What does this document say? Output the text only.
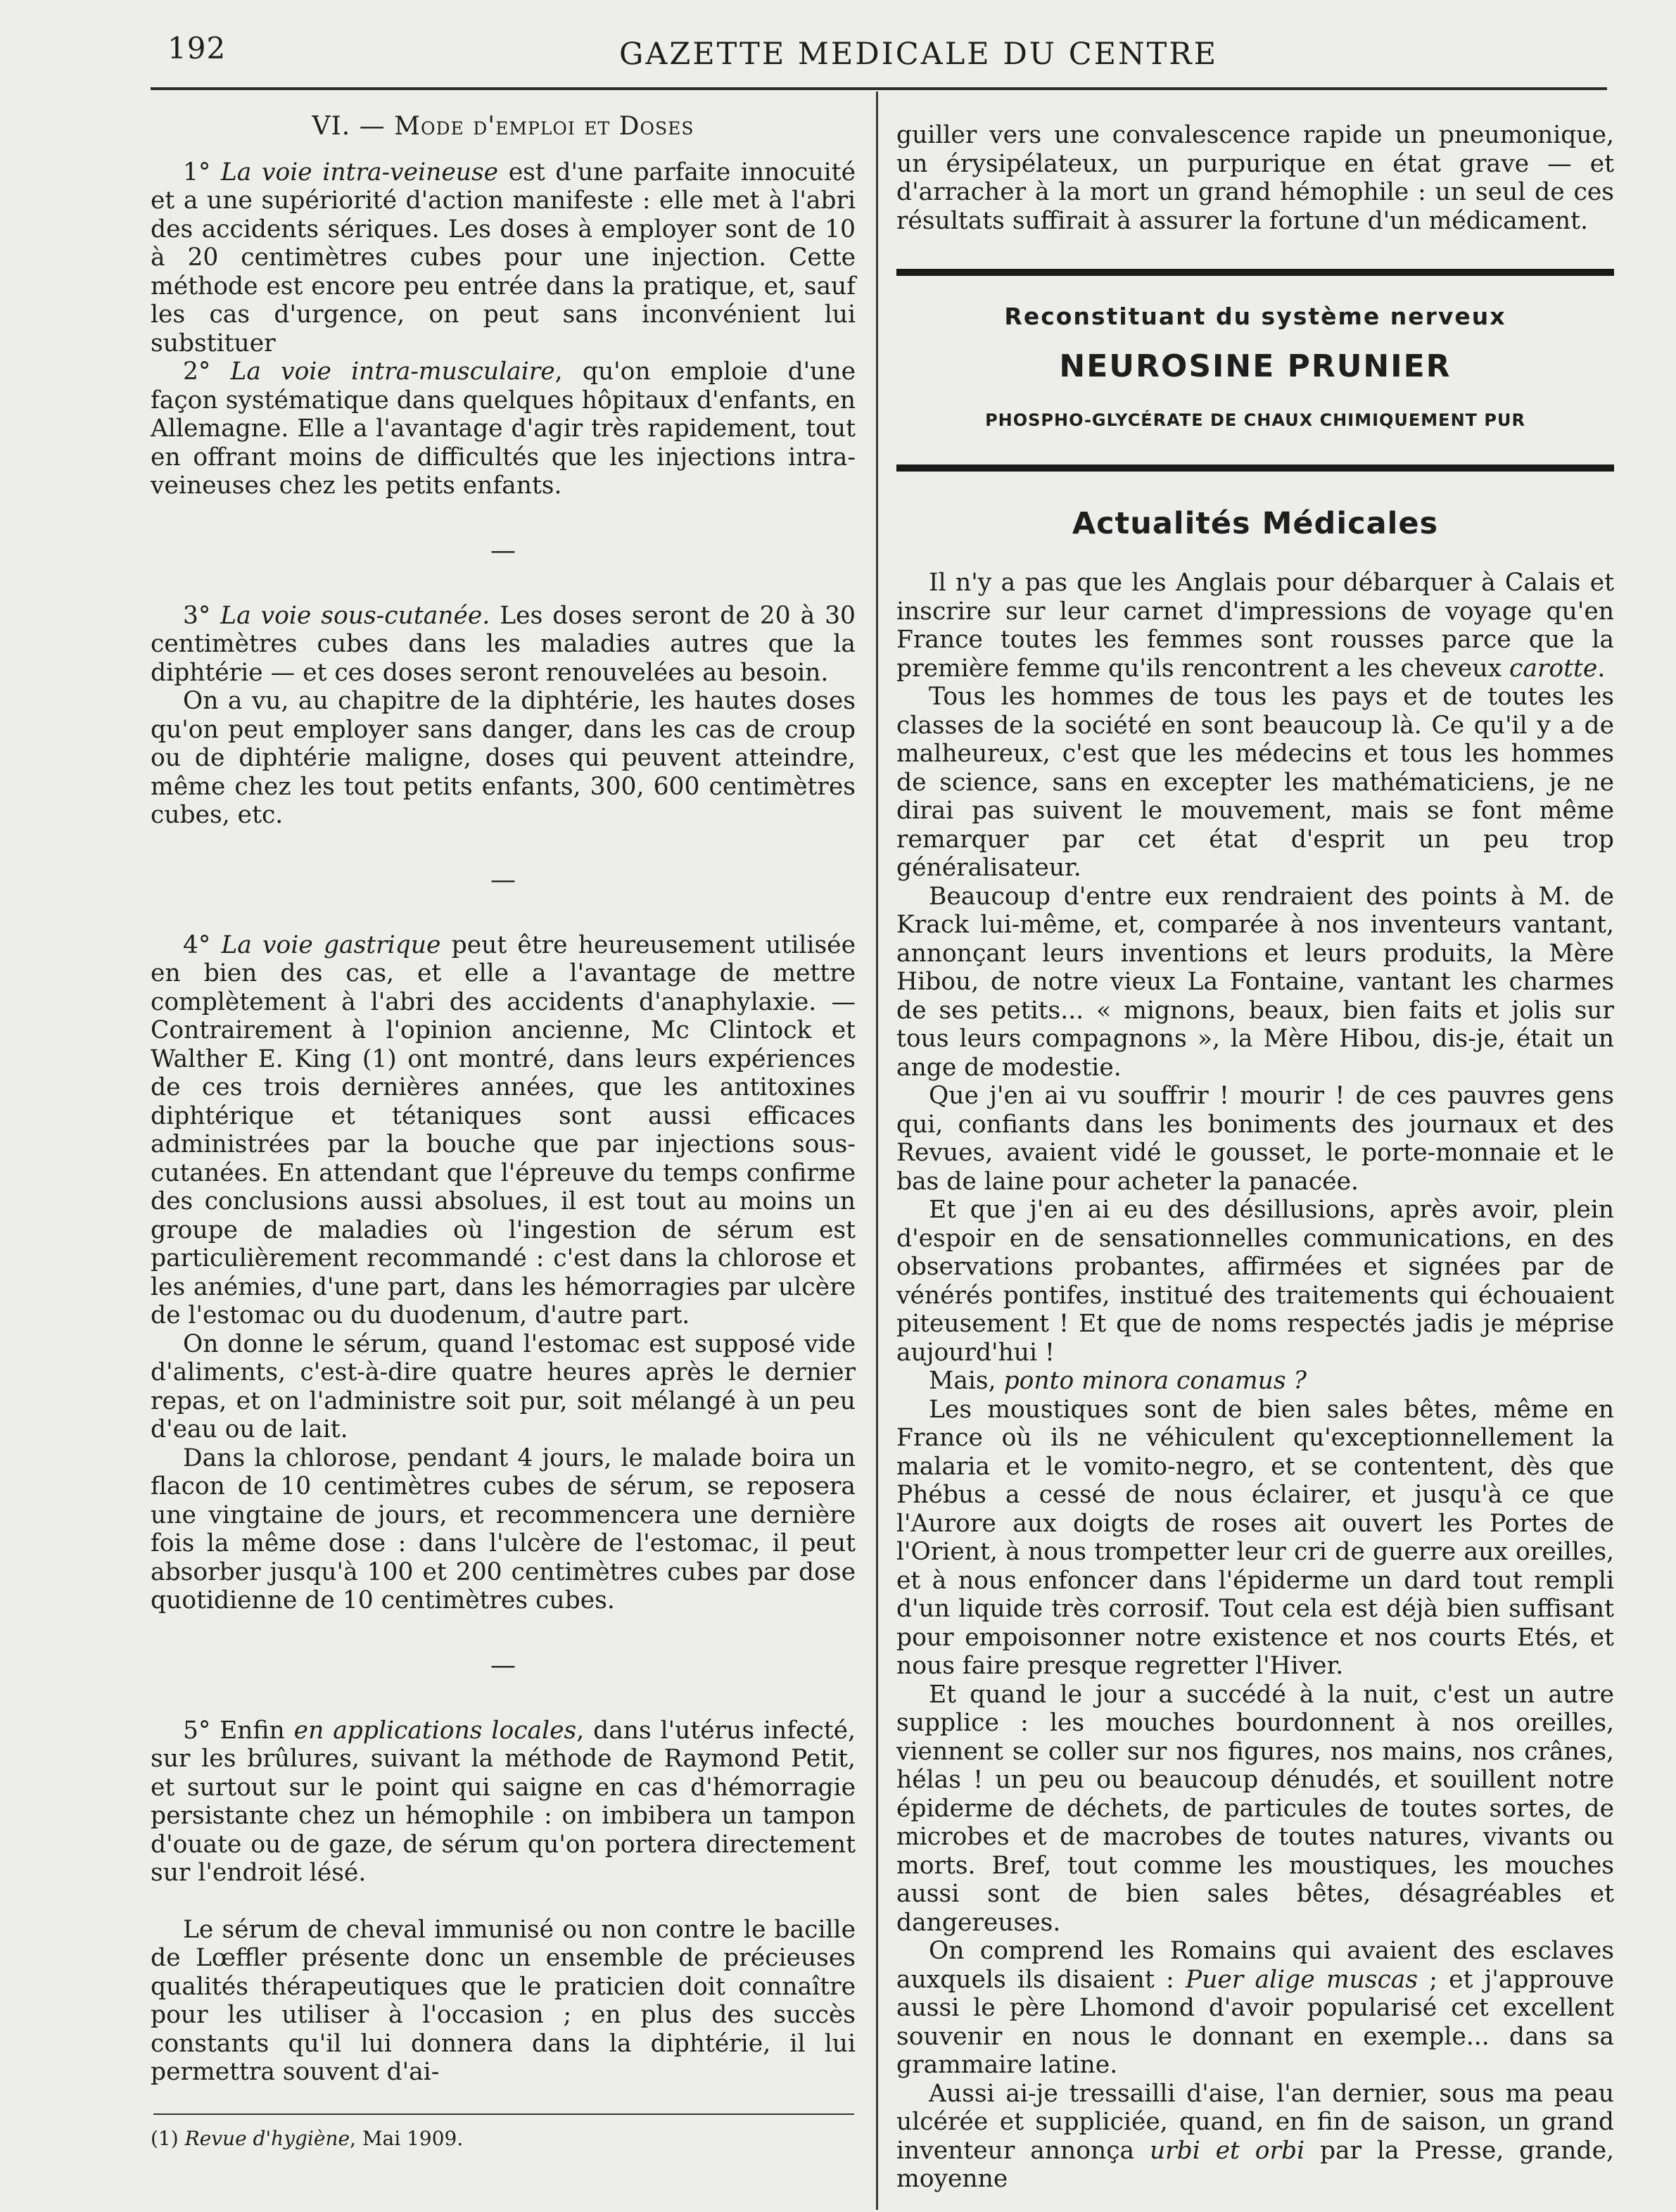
192	GAZETTE MEDICALE DU CENTRE
VI. — Mode d'emploi et Doses

1° La voie intra-veineuse est d'une parfaite innocuité et a une supériorité d'action manifeste : elle met à l'abri des accidents sériques. Les doses à employer sont de 10 à 20 centimètres cubes pour une injection. Cette méthode est encore peu entrée dans la pratique, et, sauf les cas d'urgence, on peut sans inconvénient lui substituer

2° La voie intra-musculaire, qu'on emploie d'une façon systématique dans quelques hôpitaux d'enfants, en Allemagne. Elle a l'avantage d'agir très rapidement, tout en offrant moins de difficultés que les injections intra-veineuses chez les petits enfants.

—

3° La voie sous-cutanée. Les doses seront de 20 à 30 centimètres cubes dans les maladies autres que la diphtérie — et ces doses seront renouvelées au besoin.

On a vu, au chapitre de la diphtérie, les hautes doses qu'on peut employer sans danger, dans les cas de croup ou de diphtérie maligne, doses qui peuvent atteindre, même chez les tout petits enfants, 300, 600 centimètres cubes, etc.

—

4° La voie gastrique peut être heureusement utilisée en bien des cas, et elle a l'avantage de mettre complètement à l'abri des accidents d'anaphylaxie. — Contrairement à l'opinion ancienne, Mc Clintock et Walther E. King (1) ont montré, dans leurs expériences de ces trois dernières années, que les antitoxines diphtérique et tétaniques sont aussi efficaces administrées par la bouche que par injections sous-cutanées. En attendant que l'épreuve du temps confirme des conclusions aussi absolues, il est tout au moins un groupe de maladies où l'ingestion de sérum est particulièrement recommandé : c'est dans la chlorose et les anémies, d'une part, dans les hémorragies par ulcère de l'estomac ou du duodenum, d'autre part.

On donne le sérum, quand l'estomac est supposé vide d'aliments, c'est-à-dire quatre heures après le dernier repas, et on l'administre soit pur, soit mélangé à un peu d'eau ou de lait.

Dans la chlorose, pendant 4 jours, le malade boira un flacon de 10 centimètres cubes de sérum, se reposera une vingtaine de jours, et recommencera une dernière fois la même dose : dans l'ulcère de l'estomac, il peut absorber jusqu'à 100 et 200 centimètres cubes par dose quotidienne de 10 centimètres cubes.

—

5° Enfin en applications locales, dans l'utérus infecté, sur les brûlures, suivant la méthode de Raymond Petit, et surtout sur le point qui saigne en cas d'hémorragie persistante chez un hémophile : on imbibera un tampon d'ouate ou de gaze, de sérum qu'on portera directement sur l'endroit lésé.

Le sérum de cheval immunisé ou non contre le bacille de Lœffler présente donc un ensemble de précieuses qualités thérapeutiques que le praticien doit connaître pour les utiliser à l'occasion ; en plus des succès constants qu'il lui donnera dans la diphtérie, il lui permettra souvent d'ai-

(1) Revue d'hygiène, Mai 1909.

guiller vers une convalescence rapide un pneumonique, un érysipélateux, un purpurique en état grave — et d'arracher à la mort un grand hémophile : un seul de ces résultats suffirait à assurer la fortune d'un médicament.

Reconstituant du système nerveux
NEUROSINE PRUNIER
PHOSPHO-GLYCÉRATE DE CHAUX CHIMIQUEMENT PUR
Actualités Médicales

Il n'y a pas que les Anglais pour débarquer à Calais et inscrire sur leur carnet d'impressions de voyage qu'en France toutes les femmes sont rousses parce que la première femme qu'ils rencontrent a les cheveux carotte.

Tous les hommes de tous les pays et de toutes les classes de la société en sont beaucoup là. Ce qu'il y a de malheureux, c'est que les médecins et tous les hommes de science, sans en excepter les mathématiciens, je ne dirai pas suivent le mouvement, mais se font même remarquer par cet état d'esprit un peu trop généralisateur.

Beaucoup d'entre eux rendraient des points à M. de Krack lui-même, et, comparée à nos inventeurs vantant, annonçant leurs inventions et leurs produits, la Mère Hibou, de notre vieux La Fontaine, vantant les charmes de ses petits... « mignons, beaux, bien faits et jolis sur tous leurs compagnons », la Mère Hibou, dis-je, était un ange de modestie.

Que j'en ai vu souffrir ! mourir ! de ces pauvres gens qui, confiants dans les boniments des journaux et des Revues, avaient vidé le gousset, le porte-monnaie et le bas de laine pour acheter la panacée.

Et que j'en ai eu des désillusions, après avoir, plein d'espoir en de sensationnelles communications, en des observations probantes, affirmées et signées par de vénérés pontifes, institué des traitements qui échouaient piteusement ! Et que de noms respectés jadis je méprise aujourd'hui !

Mais, ponto minora conamus ?

Les moustiques sont de bien sales bêtes, même en France où ils ne véhiculent qu'exceptionnellement la malaria et le vomito-negro, et se contentent, dès que Phébus a cessé de nous éclairer, et jusqu'à ce que l'Aurore aux doigts de roses ait ouvert les Portes de l'Orient, à nous trompetter leur cri de guerre aux oreilles, et à nous enfoncer dans l'épiderme un dard tout rempli d'un liquide très corrosif. Tout cela est déjà bien suffisant pour empoisonner notre existence et nos courts Etés, et nous faire presque regretter l'Hiver.

Et quand le jour a succédé à la nuit, c'est un autre supplice : les mouches bourdonnent à nos oreilles, viennent se coller sur nos figures, nos mains, nos crânes, hélas ! un peu ou beaucoup dénudés, et souillent notre épiderme de déchets, de particules de toutes sortes, de microbes et de macrobes de toutes natures, vivants ou morts. Bref, tout comme les moustiques, les mouches aussi sont de bien sales bêtes, désagréables et dangereuses.

On comprend les Romains qui avaient des esclaves auxquels ils disaient : Puer alige muscas ; et j'approuve aussi le père Lhomond d'avoir popularisé cet excellent souvenir en nous le donnant en exemple... dans sa grammaire latine.

Aussi ai-je tressailli d'aise, l'an dernier, sous ma peau ulcérée et suppliciée, quand, en fin de saison, un grand inventeur annonça urbi et orbi par la Presse, grande, moyenne
